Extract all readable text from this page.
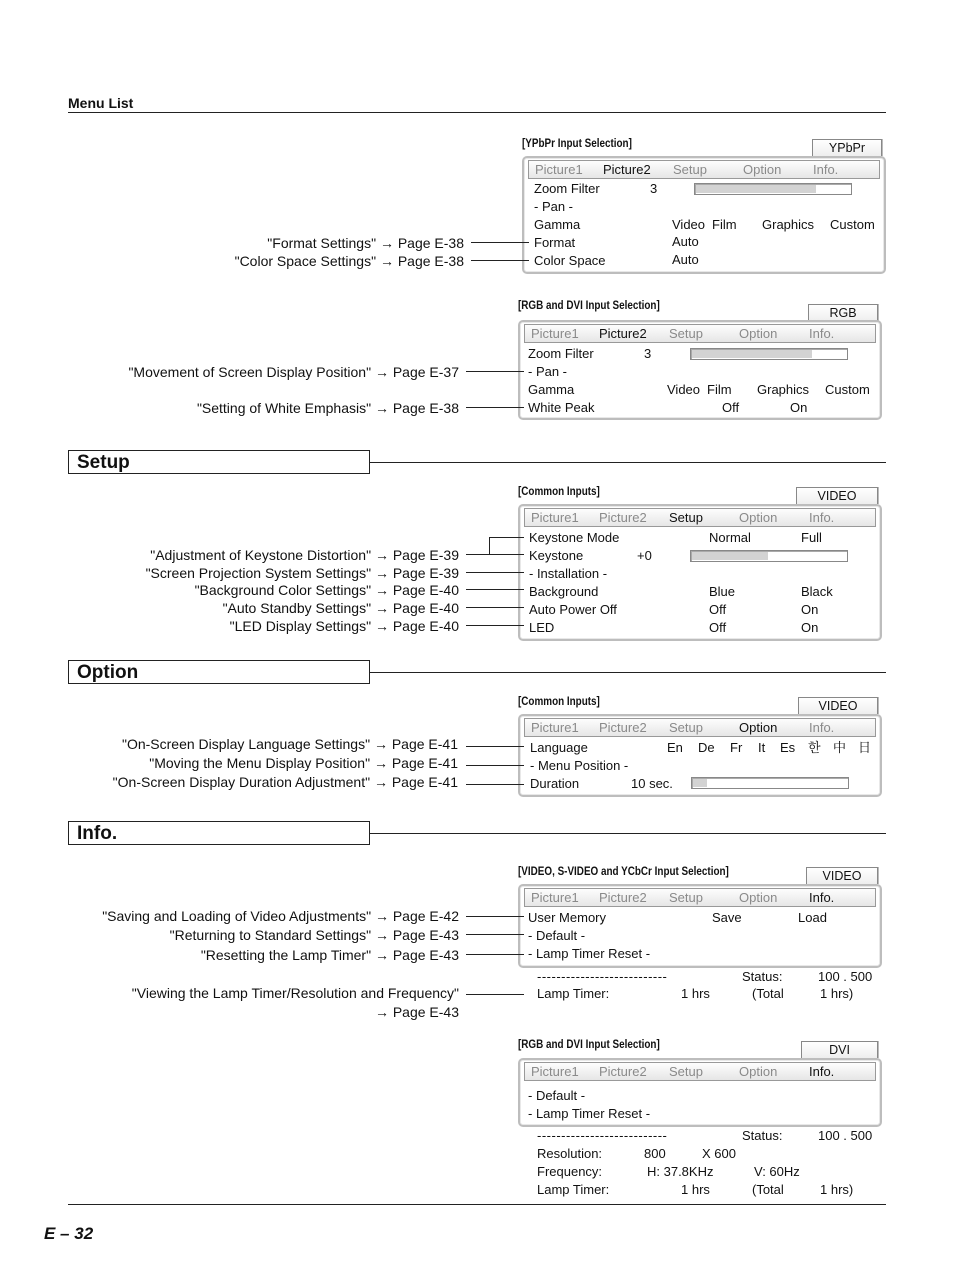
Menu List
[YPbPr Input Selection]	YPbPr
Picture1 Picture2 Setup	Option Info.
Zoom Filter	3
- Pan -
Gamma	Video Film Graphics Custom
Format	Auto
Color Space	Auto
"Format Settings" → Page E-38
"Color Space Settings" → Page E-38
[RGB and DVI Input Selection]	RGB
Picture1 Picture2 Setup	Option Info.
Zoom Filter	3
- Pan -
Gamma	Video Film Graphics Custom
White Peak	Off	On
"Movement of Screen Display Position" → Page E-37
"Setting of White Emphasis" → Page E-38
Setup
[Common Inputs]	VIDEO
Picture1 Picture2 Setup	Option Info.
Keystone Mode	Normal	Full
Keystone	+0
- Installation -
Background	Blue	Black
Auto Power Off	Off	On
LED	Off	On
"Adjustment of Keystone Distortion" → Page E-39
"Screen Projection System Settings" → Page E-39
"Background Color Settings" → Page E-40
"Auto Standby Settings" → Page E-40
"LED Display Settings" → Page E-40
Option
[Common Inputs]	VIDEO
Picture1 Picture2 Setup	Option Info.
Language	En De Fr It Es 한 中 日
- Menu Position -
Duration	10 sec.
"On-Screen Display Language Settings" → Page E-41
"Moving the Menu Display Position" → Page E-41
"On-Screen Display Duration Adjustment" → Page E-41
Info.
[VIDEO, S-VIDEO and YCbCr Input Selection]	VIDEO
Picture1 Picture2 Setup	Option Info.
User Memory	Save	Load
- Default -
- Lamp Timer Reset -
---------------------------	Status:	100 . 500
Lamp Timer:	1 hrs	(Total	1 hrs)
"Saving and Loading of Video Adjustments" → Page E-42
"Returning to Standard Settings" → Page E-43
"Resetting the Lamp Timer" → Page E-43
"Viewing the Lamp Timer/Resolution and Frequency"
→ Page E-43
[RGB and DVI Input Selection]	DVI
Picture1 Picture2 Setup	Option Info.
- Default -
- Lamp Timer Reset -
---------------------------	Status:	100 . 500
Resolution:	800	X 600
Frequency:	H: 37.8KHz	V: 60Hz
Lamp Timer:	1 hrs	(Total	1 hrs)
E – 32
